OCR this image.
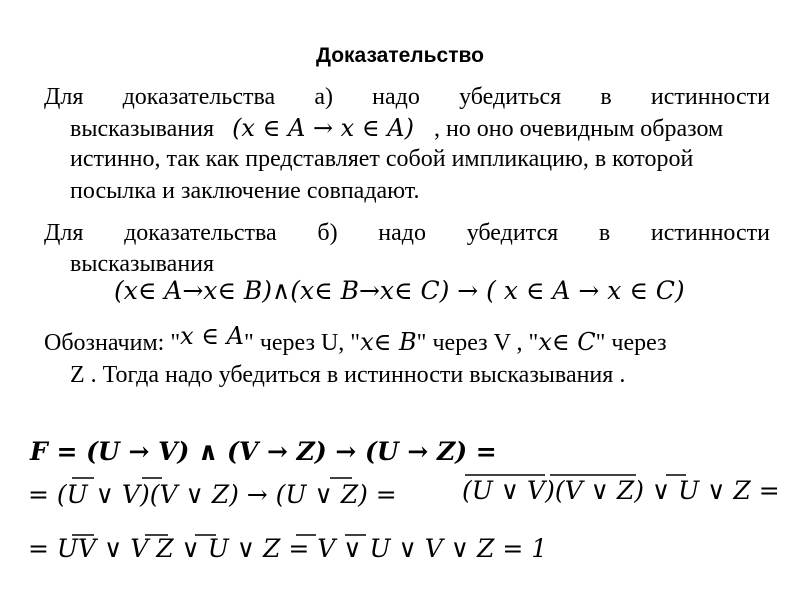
Доказательство
Для доказательства а) надо убедиться в истинности
высказывания (x ∈ A → x ∈ A) , но оно очевидным образом
истинно, так как представляет собой импликацию, в которой
посылка и заключение совпадают.
Для доказательства б) надо убедится в истинности
высказывания
(x∈ A→x∈ B)∧(x∈ B→x∈ C) → ( x ∈ A → x ∈ C)
Обозначим: "x ∈ A" через U, "x∈ B" через V , "x∈ C" через
Z . Тогда надо убедиться в истинности высказывания .
F = (U → V) ∧ (V → Z) → (U → Z) =
= (U ∨ V)(V ∨ Z) → (U ∨ Z) =	(U ∨ V)(V ∨ Z) ∨ U ∨ Z =
= UV ∨ V Z ∨ U ∨ Z = V ∨ U ∨ V ∨ Z = 1
